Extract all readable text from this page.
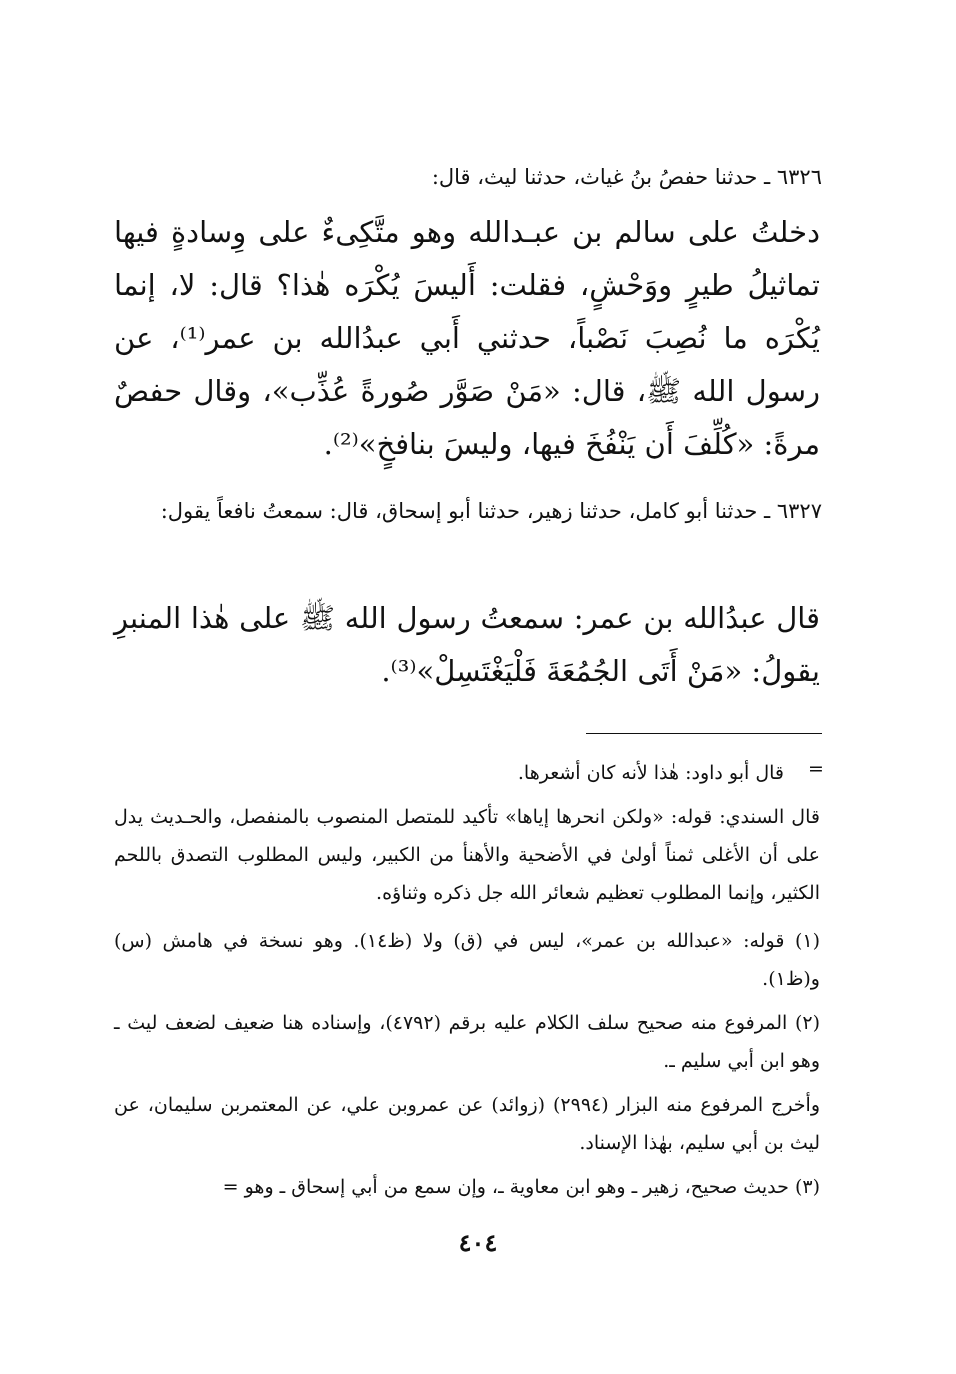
٦٣٢٦ ـ حدثنا حفصُ بنُ غياث، حدثنا ليث، قال:
دخلتُ على سالم بن عبـدالله وهو متَّكِىءٌ على وِسادةٍ فيها تماثيلُ طيرٍ ووَحْشٍ، فقلت: أَليسَ يُكْرَه هٰذا؟ قال: لا، إنما يُكْرَه ما نُصِبَ نَصْباً، حدثني أَبي عبدُالله بن عمر⁽¹⁾، عن رسول الله ﷺ، قال: «مَنْ صَوَّر صُورةً عُذِّب»، وقال حفصٌ مرةً: «كُلِّفَ أَن يَنْفُخَ فيها، وليسَ بنافخٍ»⁽²⁾.
٦٣٢٧ ـ حدثنا أبو كامل، حدثنا زهير، حدثنا أبو إسحاق، قال: سمعتُ نافعاً يقول:
قال عبدُالله بن عمر: سمعتُ رسول الله ﷺ على هٰذا المنبرِ يقولُ: «مَنْ أَتَى الجُمُعَةَ فَلْيَغْتَسِلْ»⁽³⁾.
=
قال أبو داود: هٰذا لأنه كان أشعرها.
قال السندي: قوله: «ولكن انحرها إياها» تأكيد للمتصل المنصوب بالمنفصل، والحـديث يدل على أن الأغلى ثمناً أولىٰ في الأضحية والأهنأ من الكبير، وليس المطلوب التصدق باللحم الكثير، وإنما المطلوب تعظيم شعائر الله جل ذكره وثناؤه.
(١) قوله: «عبدالله بن عمر»، ليس في (ق) ولا (ظ١٤). وهو نسخة في هامش (س) و(ظ١).
(٢) المرفوع منه صحيح سلف الكلام عليه برقم (٤٧٩٢)، وإسناده هنا ضعيف لضعف ليث ـ وهو ابن أبي سليم ـ.
وأخرج المرفوع منه البزار (٢٩٩٤) (زوائد) عن عمروبن علي، عن المعتمربن سليمان، عن ليث بن أبي سليم، بهٰذا الإسناد.
(٣) حديث صحيح، زهير ـ وهو ابن معاوية ـ، وإن سمع من أبي إسحاق ـ وهو =
٤٠٤
